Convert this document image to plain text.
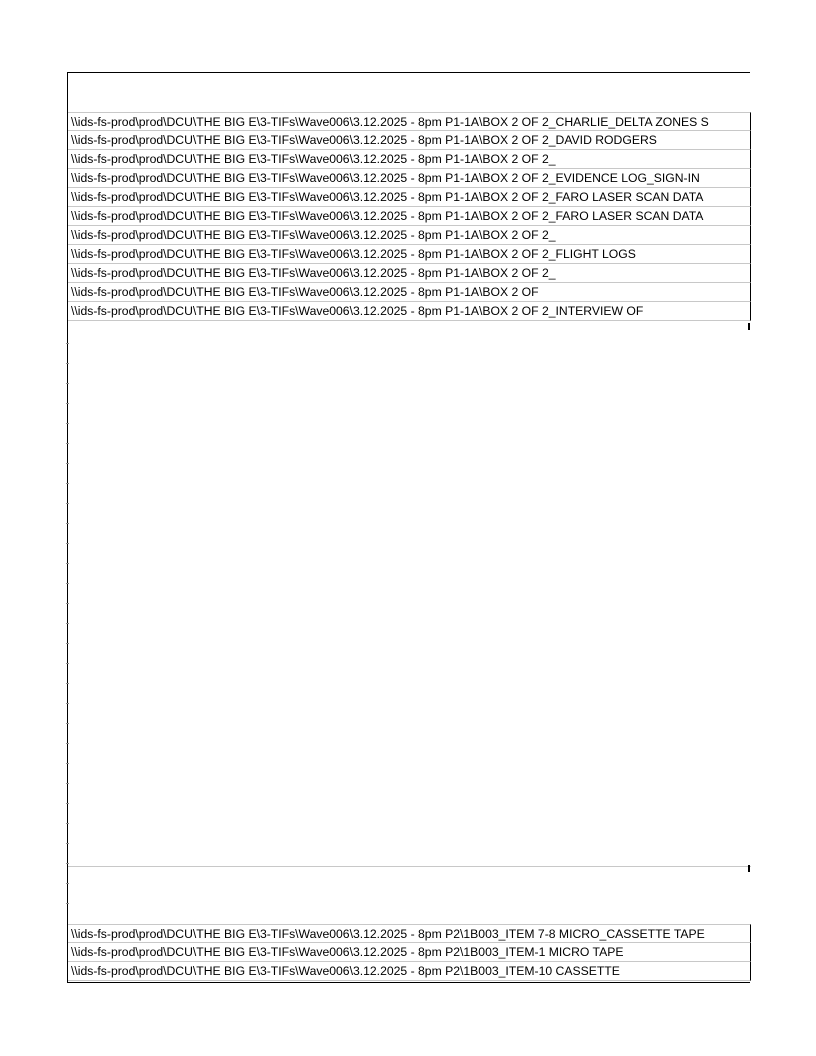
\\ids-fs-prod\prod\DCU\THE BIG E\3-TIFs\Wave006\3.12.2025 - 8pm P1-1A\BOX 2 OF 2_CHARLIE_DELTA ZONES S
\\ids-fs-prod\prod\DCU\THE BIG E\3-TIFs\Wave006\3.12.2025 - 8pm P1-1A\BOX 2 OF 2_DAVID RODGERS
\\ids-fs-prod\prod\DCU\THE BIG E\3-TIFs\Wave006\3.12.2025 - 8pm P1-1A\BOX 2 OF 2_
\\ids-fs-prod\prod\DCU\THE BIG E\3-TIFs\Wave006\3.12.2025 - 8pm P1-1A\BOX 2 OF 2_EVIDENCE LOG_SIGN-IN
\\ids-fs-prod\prod\DCU\THE BIG E\3-TIFs\Wave006\3.12.2025 - 8pm P1-1A\BOX 2 OF 2_FARO LASER SCAN DATA
\\ids-fs-prod\prod\DCU\THE BIG E\3-TIFs\Wave006\3.12.2025 - 8pm P1-1A\BOX 2 OF 2_FARO LASER SCAN DATA
\\ids-fs-prod\prod\DCU\THE BIG E\3-TIFs\Wave006\3.12.2025 - 8pm P1-1A\BOX 2 OF 2_
\\ids-fs-prod\prod\DCU\THE BIG E\3-TIFs\Wave006\3.12.2025 - 8pm P1-1A\BOX 2 OF 2_FLIGHT LOGS
\\ids-fs-prod\prod\DCU\THE BIG E\3-TIFs\Wave006\3.12.2025 - 8pm P1-1A\BOX 2 OF 2_
\\ids-fs-prod\prod\DCU\THE BIG E\3-TIFs\Wave006\3.12.2025 - 8pm P1-1A\BOX 2 OF
\\ids-fs-prod\prod\DCU\THE BIG E\3-TIFs\Wave006\3.12.2025 - 8pm P1-1A\BOX 2 OF 2_INTERVIEW OF
\\ids-fs-prod\prod\DCU\THE BIG E\3-TIFs\Wave006\3.12.2025 - 8pm P2\1B003_ITEM 7-8 MICRO_CASSETTE TAPE
\\ids-fs-prod\prod\DCU\THE BIG E\3-TIFs\Wave006\3.12.2025 - 8pm P2\1B003_ITEM-1 MICRO TAPE
\\ids-fs-prod\prod\DCU\THE BIG E\3-TIFs\Wave006\3.12.2025 - 8pm P2\1B003_ITEM-10 CASSETTE
